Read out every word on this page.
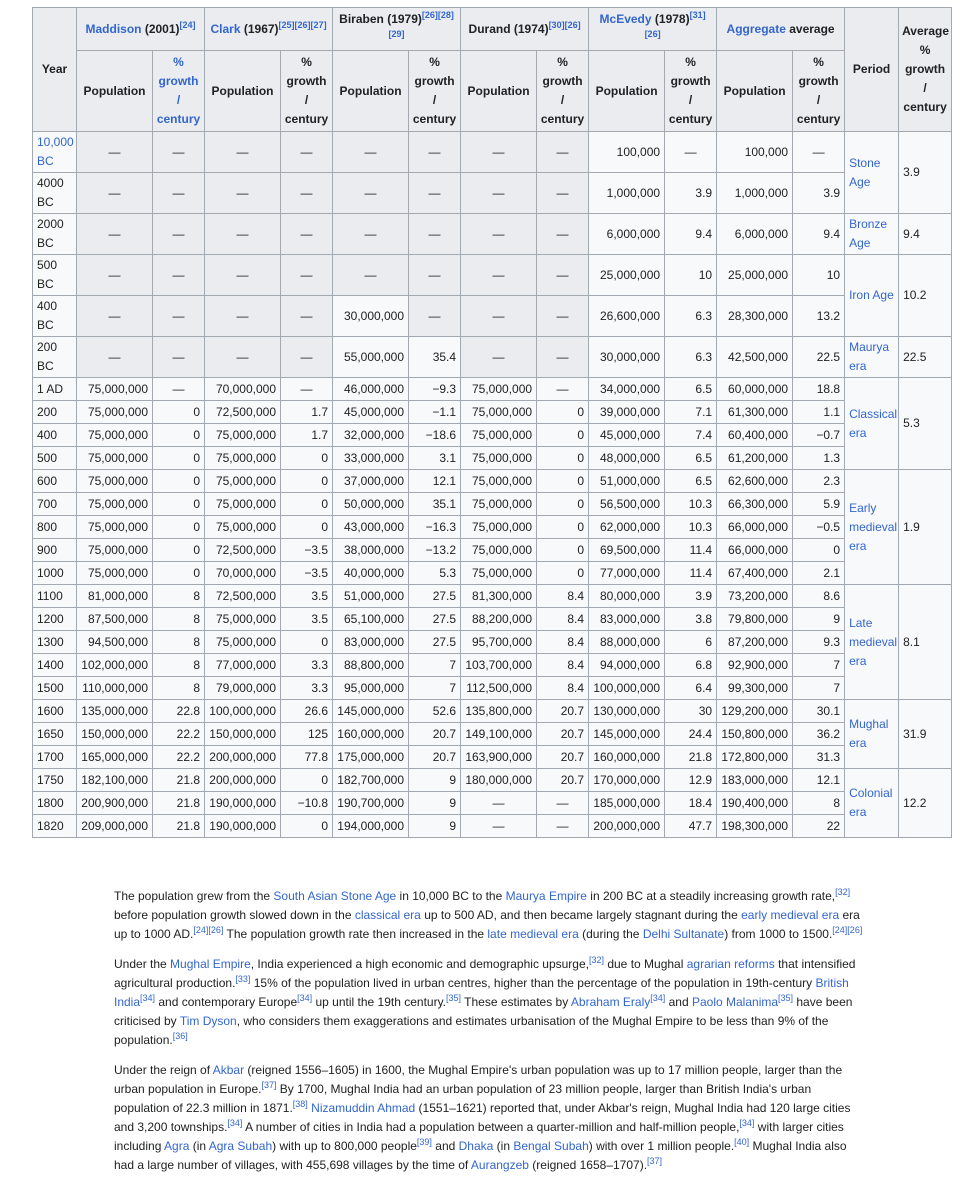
Year	Maddison (2001)[24]		Clark (1967)[25][26][27]		Biraben (1979)[26][28][29]		Durand (1974)[30][26]		McEvedy (1978)[31][26]		Aggregate average		Period	Average % growth / century
	Population	% growth / century	Population	% growth / century	Population	% growth / century	Population	% growth / century	Population	% growth / century	Population	% growth / century		
10,000 BC	—	—	—	—	—	—	—	—	100,000	—	100,000	—	Stone Age	3.9
4000 BC	—	—	—	—	—	—	—	—	1,000,000	3.9	1,000,000	3.9		
2000 BC	—	—	—	—	—	—	—	—	6,000,000	9.4	6,000,000	9.4	Bronze Age	9.4
500 BC	—	—	—	—	—	—	—	—	25,000,000	10	25,000,000	10	Iron Age	10.2
400 BC	—	—	—	—	30,000,000	—	—	—	26,600,000	6.3	28,300,000	13.2		
200 BC	—	—	—	—	55,000,000	35.4	—	—	30,000,000	6.3	42,500,000	22.5	Maurya era	22.5
1 AD	75,000,000	—	70,000,000	—	46,000,000	−9.3	75,000,000	—	34,000,000	6.5	60,000,000	18.8	Classical era	5.3
200	75,000,000	0	72,500,000	1.7	45,000,000	−1.1	75,000,000	0	39,000,000	7.1	61,300,000	1.1		
400	75,000,000	0	75,000,000	1.7	32,000,000	−18.6	75,000,000	0	45,000,000	7.4	60,400,000	−0.7		
500	75,000,000	0	75,000,000	0	33,000,000	3.1	75,000,000	0	48,000,000	6.5	61,200,000	1.3		
600	75,000,000	0	75,000,000	0	37,000,000	12.1	75,000,000	0	51,000,000	6.5	62,600,000	2.3	Early medieval era	1.9
700	75,000,000	0	75,000,000	0	50,000,000	35.1	75,000,000	0	56,500,000	10.3	66,300,000	5.9		
800	75,000,000	0	75,000,000	0	43,000,000	−16.3	75,000,000	0	62,000,000	10.3	66,000,000	−0.5		
900	75,000,000	0	72,500,000	−3.5	38,000,000	−13.2	75,000,000	0	69,500,000	11.4	66,000,000	0		
1000	75,000,000	0	70,000,000	−3.5	40,000,000	5.3	75,000,000	0	77,000,000	11.4	67,400,000	2.1		
1100	81,000,000	8	72,500,000	3.5	51,000,000	27.5	81,300,000	8.4	80,000,000	3.9	73,200,000	8.6	Late medieval era	8.1
1200	87,500,000	8	75,000,000	3.5	65,100,000	27.5	88,200,000	8.4	83,000,000	3.8	79,800,000	9		
1300	94,500,000	8	75,000,000	0	83,000,000	27.5	95,700,000	8.4	88,000,000	6	87,200,000	9.3		
1400	102,000,000	8	77,000,000	3.3	88,800,000	7	103,700,000	8.4	94,000,000	6.8	92,900,000	7		
1500	110,000,000	8	79,000,000	3.3	95,000,000	7	112,500,000	8.4	100,000,000	6.4	99,300,000	7		
1600	135,000,000	22.8	100,000,000	26.6	145,000,000	52.6	135,800,000	20.7	130,000,000	30	129,200,000	30.1	Mughal era	31.9
1650	150,000,000	22.2	150,000,000	125	160,000,000	20.7	149,100,000	20.7	145,000,000	24.4	150,800,000	36.2		
1700	165,000,000	22.2	200,000,000	77.8	175,000,000	20.7	163,900,000	20.7	160,000,000	21.8	172,800,000	31.3		
1750	182,100,000	21.8	200,000,000	0	182,700,000	9	180,000,000	20.7	170,000,000	12.9	183,000,000	12.1	Colonial era	12.2
1800	200,900,000	21.8	190,000,000	−10.8	190,700,000	9	—	—	185,000,000	18.4	190,400,000	8		
1820	209,000,000	21.8	190,000,000	0	194,000,000	9	—	—	200,000,000	47.7	198,300,000	22		

The population grew from the South Asian Stone Age in 10,000 BC to the Maurya Empire in 200 BC at a steadily increasing growth rate,[32] before population growth slowed down in the classical era up to 500 AD, and then became largely stagnant during the early medieval era era up to 1000 AD.[24][26] The population growth rate then increased in the late medieval era (during the Delhi Sultanate) from 1000 to 1500.[24][26]

Under the Mughal Empire, India experienced a high economic and demographic upsurge,[32] due to Mughal agrarian reforms that intensified agricultural production.[33] 15% of the population lived in urban centres, higher than the percentage of the population in 19th-century British India[34] and contemporary Europe[34] up until the 19th century.[35] These estimates by Abraham Eraly[34] and Paolo Malanima[35] have been criticised by Tim Dyson, who considers them exaggerations and estimates urbanisation of the Mughal Empire to be less than 9% of the population.[36]

Under the reign of Akbar (reigned 1556–1605) in 1600, the Mughal Empire's urban population was up to 17 million people, larger than the urban population in Europe.[37] By 1700, Mughal India had an urban population of 23 million people, larger than British India's urban population of 22.3 million in 1871.[38] Nizamuddin Ahmad (1551–1621) reported that, under Akbar's reign, Mughal India had 120 large cities and 3,200 townships.[34] A number of cities in India had a population between a quarter-million and half-million people,[34] with larger cities including Agra (in Agra Subah) with up to 800,000 people[39] and Dhaka (in Bengal Subah) with over 1 million people.[40] Mughal India also had a large number of villages, with 455,698 villages by the time of Aurangzeb (reigned 1658–1707).[37]
